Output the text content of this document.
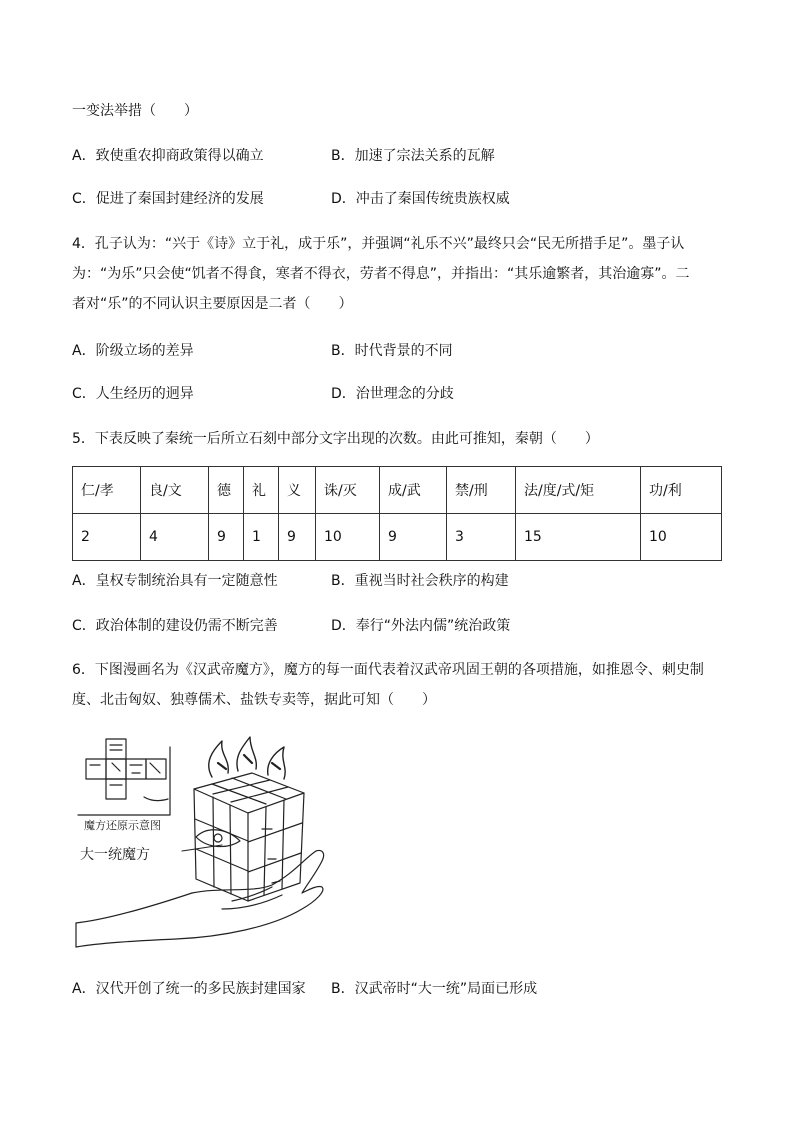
一变法举措（　　）
A．致使重农抑商政策得以确立	B．加速了宗法关系的瓦解
C．促进了秦国封建经济的发展	D．冲击了秦国传统贵族权威
4．孔子认为：“兴于《诗》立于礼，成于乐”，并强调“礼乐不兴”最终只会“民无所措手足”。墨子认
为：“为乐”只会使“饥者不得食，寒者不得衣，劳者不得息”，并指出：“其乐逾繁者，其治逾寡”。二
者对“乐”的不同认识主要原因是二者（　　）
A．阶级立场的差异	B．时代背景的不同
C．人生经历的迥异	D．治世理念的分歧
5．下表反映了秦统一后所立石刻中部分文字出现的次数。由此可推知，秦朝（　　）
仁/孝	良/文	德	礼	义	诛/灭	成/武	禁/刑	法/度/式/矩	功/利
2	4	9	1	9	10	9	3	15	10
A．皇权专制统治具有一定随意性	B．重视当时社会秩序的构建
C．政治体制的建设仍需不断完善	D．奉行“外法内儒”统治政策
6．下图漫画名为《汉武帝魔方》，魔方的每一面代表着汉武帝巩固王朝的各项措施，如推恩令、刺史制
度、北击匈奴、独尊儒术、盐铁专卖等，据此可知（　　）
魔方还原示意图
大一统魔方
A．汉代开创了统一的多民族封建国家 B．汉武帝时“大一统”局面已形成
